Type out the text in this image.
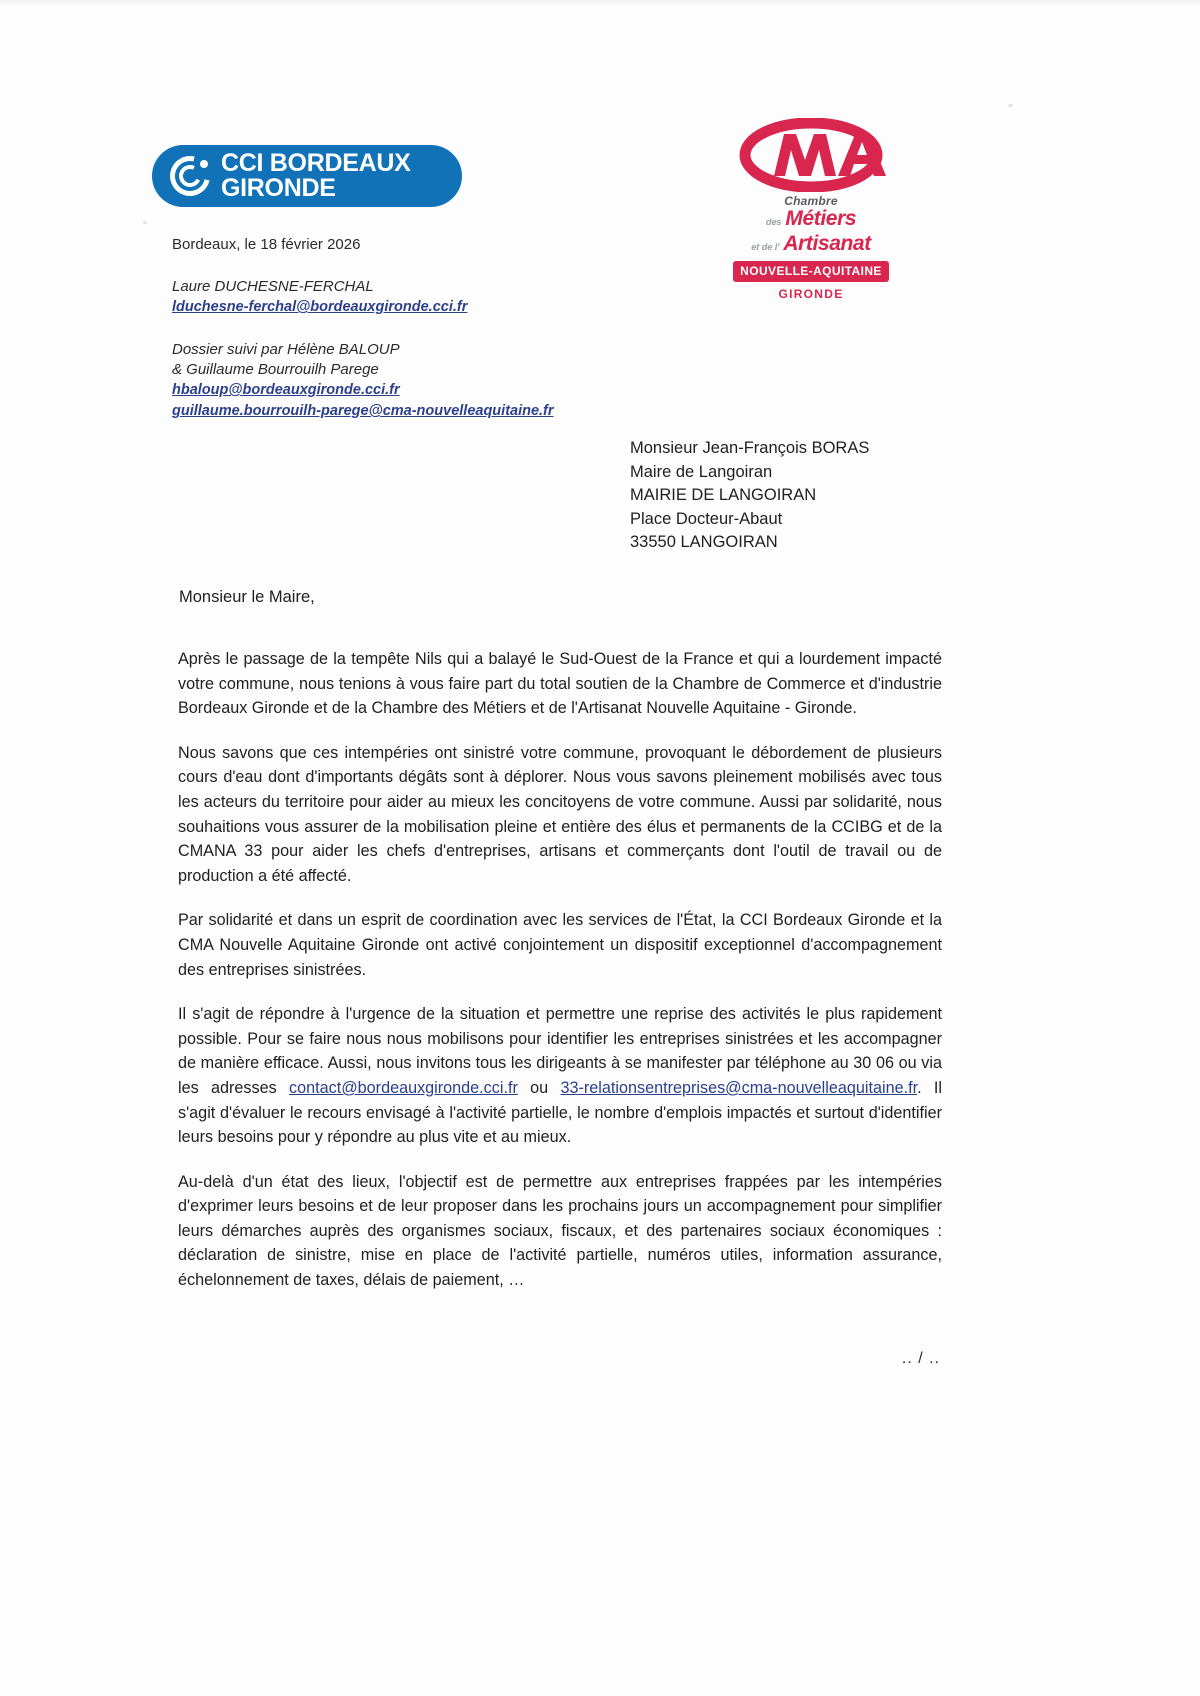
CCI BORDEAUX
GIRONDE	Chambre
des Métiers
et de l' Artisanat
NOUVELLE-AQUITAINE
GIRONDE
Bordeaux, le 18 février 2026
Laure DUCHESNE-FERCHAL
lduchesne-ferchal@bordeauxgironde.cci.fr
Dossier suivi par Hélène BALOUP
& Guillaume Bourrouilh Parege
hbaloup@bordeauxgironde.cci.fr
guillaume.bourrouilh-parege@cma-nouvelleaquitaine.fr
Monsieur Jean-François BORAS
Maire de Langoiran
MAIRIE DE LANGOIRAN
Place Docteur-Abaut
33550 LANGOIRAN
Monsieur le Maire,

Après le passage de la tempête Nils qui a balayé le Sud-Ouest de la France et qui a lourdement impacté votre commune, nous tenions à vous faire part du total soutien de la Chambre de Commerce et d'industrie Bordeaux Gironde et de la Chambre des Métiers et de l'Artisanat Nouvelle Aquitaine - Gironde.

Nous savons que ces intempéries ont sinistré votre commune, provoquant le débordement de plusieurs cours d'eau dont d'importants dégâts sont à déplorer. Nous vous savons pleinement mobilisés avec tous les acteurs du territoire pour aider au mieux les concitoyens de votre commune. Aussi par solidarité, nous souhaitions vous assurer de la mobilisation pleine et entière des élus et permanents de la CCIBG et de la CMANA 33 pour aider les chefs d'entreprises, artisans et commerçants dont l'outil de travail ou de production a été affecté.

Par solidarité et dans un esprit de coordination avec les services de l'État, la CCI Bordeaux Gironde et la CMA Nouvelle Aquitaine Gironde ont activé conjointement un dispositif exceptionnel d'accompagnement des entreprises sinistrées.

Il s'agit de répondre à l'urgence de la situation et permettre une reprise des activités le plus rapidement possible. Pour se faire nous nous mobilisons pour identifier les entreprises sinistrées et les accompagner de manière efficace. Aussi, nous invitons tous les dirigeants à se manifester par téléphone au 30 06 ou via les adresses contact@bordeauxgironde.cci.fr ou 33-relationsentreprises@cma-nouvelleaquitaine.fr. Il s'agit d'évaluer le recours envisagé à l'activité partielle, le nombre d'emplois impactés et surtout d'identifier leurs besoins pour y répondre au plus vite et au mieux.

Au-delà d'un état des lieux, l'objectif est de permettre aux entreprises frappées par les intempéries d'exprimer leurs besoins et de leur proposer dans les prochains jours un accompagnement pour simplifier leurs démarches auprès des organismes sociaux, fiscaux, et des partenaires sociaux économiques : déclaration de sinistre, mise en place de l'activité partielle, numéros utiles, information assurance, échelonnement de taxes, délais de paiement, …

.. / ..
